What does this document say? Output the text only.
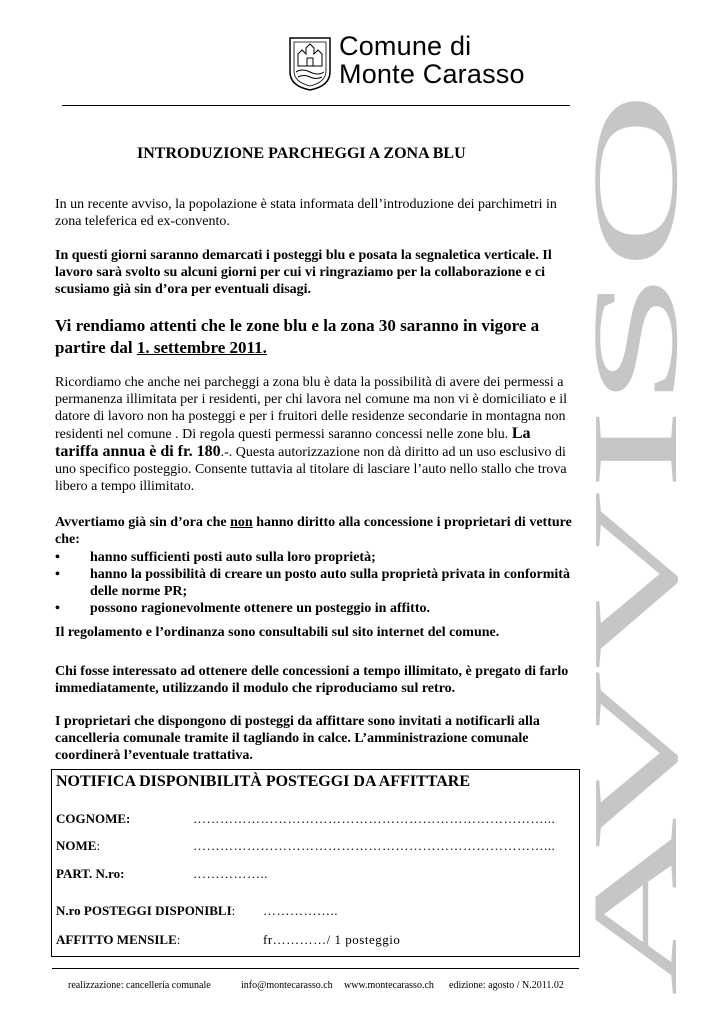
Comune di
Monte Carasso
AVVISO
INTRODUZIONE PARCHEGGI A ZONA BLU
In un recente avviso, la popolazione è stata informata dell’introduzione dei parchimetri in zona teleferica ed ex-convento.
In questi giorni saranno demarcati i posteggi blu e posata la segnaletica verticale. Il lavoro sarà svolto su alcuni giorni per cui vi ringraziamo per la collaborazione e ci scusiamo già sin d’ora per eventuali disagi.
Vi rendiamo attenti che le zone blu e la zona 30 saranno in vigore a partire dal 1. settembre 2011.
Ricordiamo che anche nei parcheggi a zona blu è data la possibilità di avere dei permessi a permanenza illimitata per i residenti, per chi lavora nel comune ma non vi è domiciliato e il datore di lavoro non ha posteggi e per i fruitori delle residenze secondarie in montagna non residenti nel comune . Di regola questi permessi saranno concessi nelle zone blu. La tariffa annua è di fr. 180.-. Questa autorizzazione non dà diritto ad un uso esclusivo di uno specifico posteggio. Consente tuttavia al titolare di lasciare l’auto nello stallo che trova libero a tempo illimitato.
Avvertiamo già sin d’ora che non hanno diritto alla concessione i proprietari di vetture che:
• hanno sufficienti posti auto sulla loro proprietà;
• hanno la possibilità di creare un posto auto sulla proprietà privata in conformità delle norme PR;
• possono ragionevolmente ottenere un posteggio in affitto.
Il regolamento e l’ordinanza sono consultabili sul sito internet del comune.
Chi fosse interessato ad ottenere delle concessioni a tempo illimitato, è pregato di farlo immediatamente, utilizzando il modulo che riproduciamo sul retro.
I proprietari che dispongono di posteggi da affittare sono invitati a notificarli alla cancelleria comunale tramite il tagliando in calce. L’amministrazione comunale coordinerà l’eventuale trattativa.
NOTIFICA DISPONIBILITÀ POSTEGGI DA AFFITTARE
COGNOME:	……………………………………………………………………...
NOME:	……………………………………………………………………...
PART. N.ro:	……………..
N.ro POSTEGGI DISPONIBLI: ……………..
AFFITTO MENSILE:	fr…………/ 1 posteggio
realizzazione: cancelleria comunale	info@montecarasso.ch www.montecarasso.ch edizione: agosto / N.2011.02
